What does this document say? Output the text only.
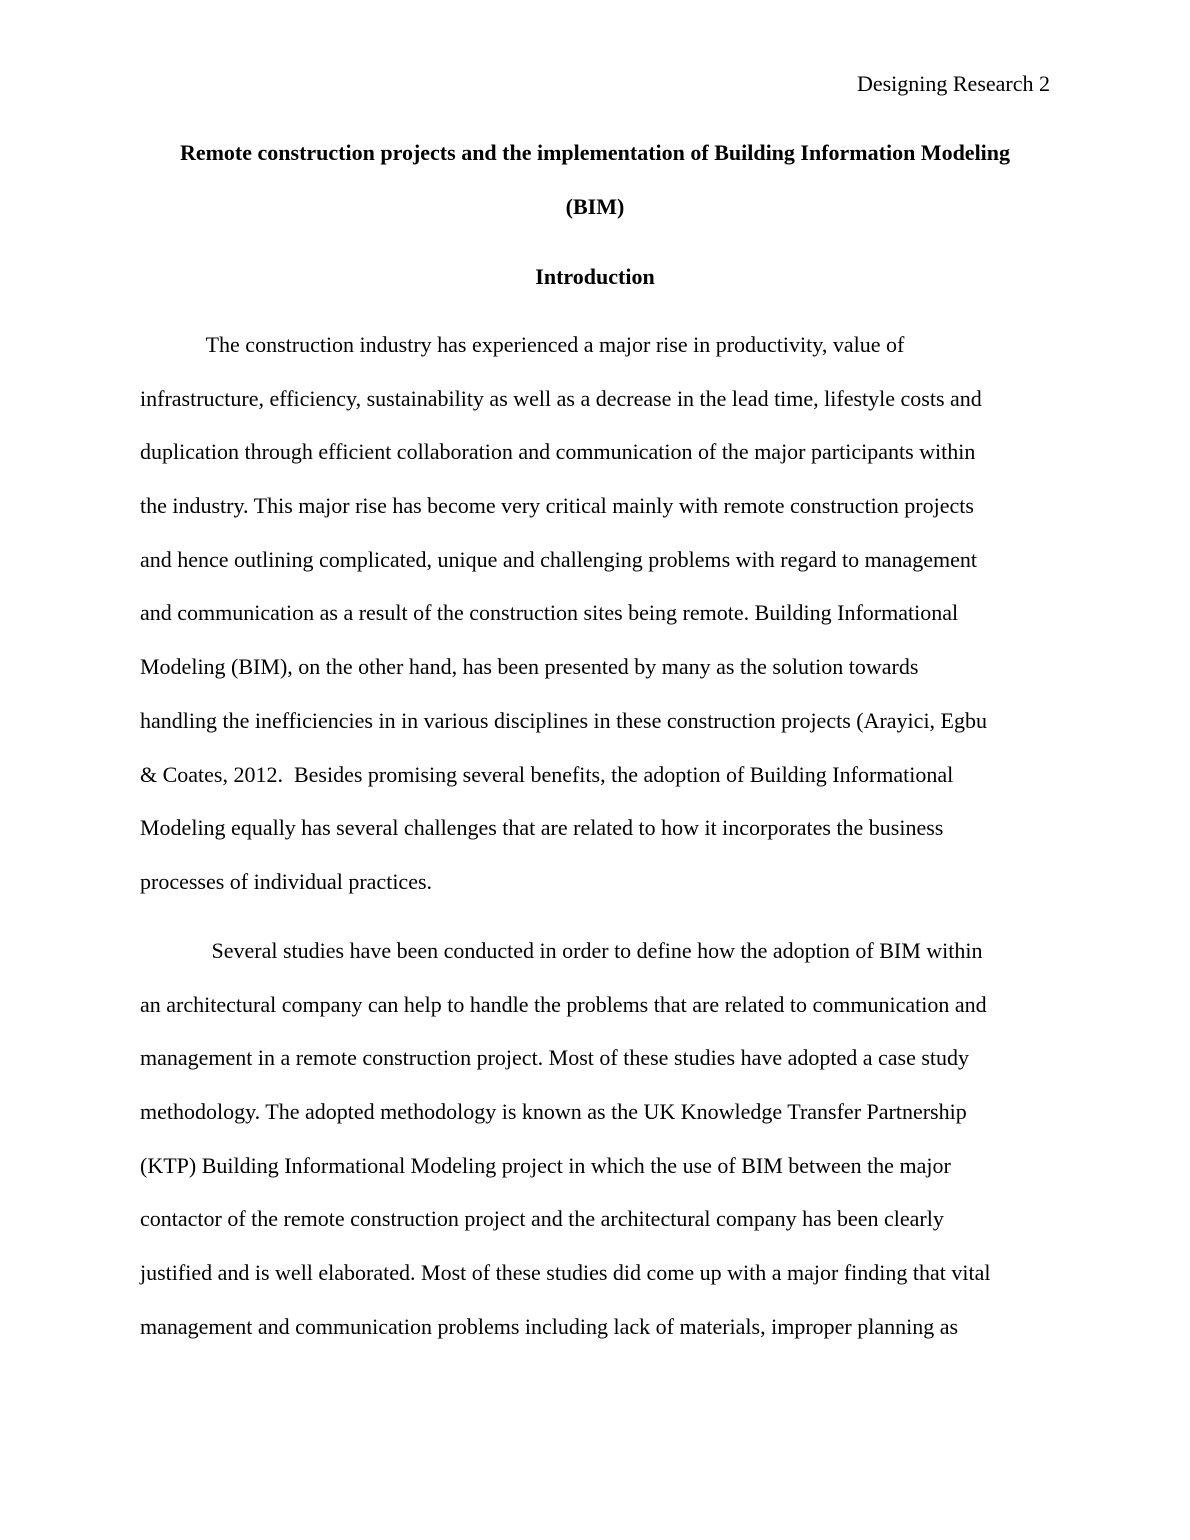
Designing Research 2
Remote construction projects and the implementation of Building Information Modeling
(BIM)
Introduction

The construction industry has experienced a major rise in productivity, value of
infrastructure, efficiency, sustainability as well as a decrease in the lead time, lifestyle costs and
duplication through efficient collaboration and communication of the major participants within
the industry. This major rise has become very critical mainly with remote construction projects
and hence outlining complicated, unique and challenging problems with regard to management
and communication as a result of the construction sites being remote. Building Informational
Modeling (BIM), on the other hand, has been presented by many as the solution towards
handling the inefficiencies in in various disciplines in these construction projects (Arayici, Egbu
& Coates, 2012.  Besides promising several benefits, the adoption of Building Informational
Modeling equally has several challenges that are related to how it incorporates the business
processes of individual practices.

Several studies have been conducted in order to define how the adoption of BIM within
an architectural company can help to handle the problems that are related to communication and
management in a remote construction project. Most of these studies have adopted a case study
methodology. The adopted methodology is known as the UK Knowledge Transfer Partnership
(KTP) Building Informational Modeling project in which the use of BIM between the major
contactor of the remote construction project and the architectural company has been clearly
justified and is well elaborated. Most of these studies did come up with a major finding that vital
management and communication problems including lack of materials, improper planning as
